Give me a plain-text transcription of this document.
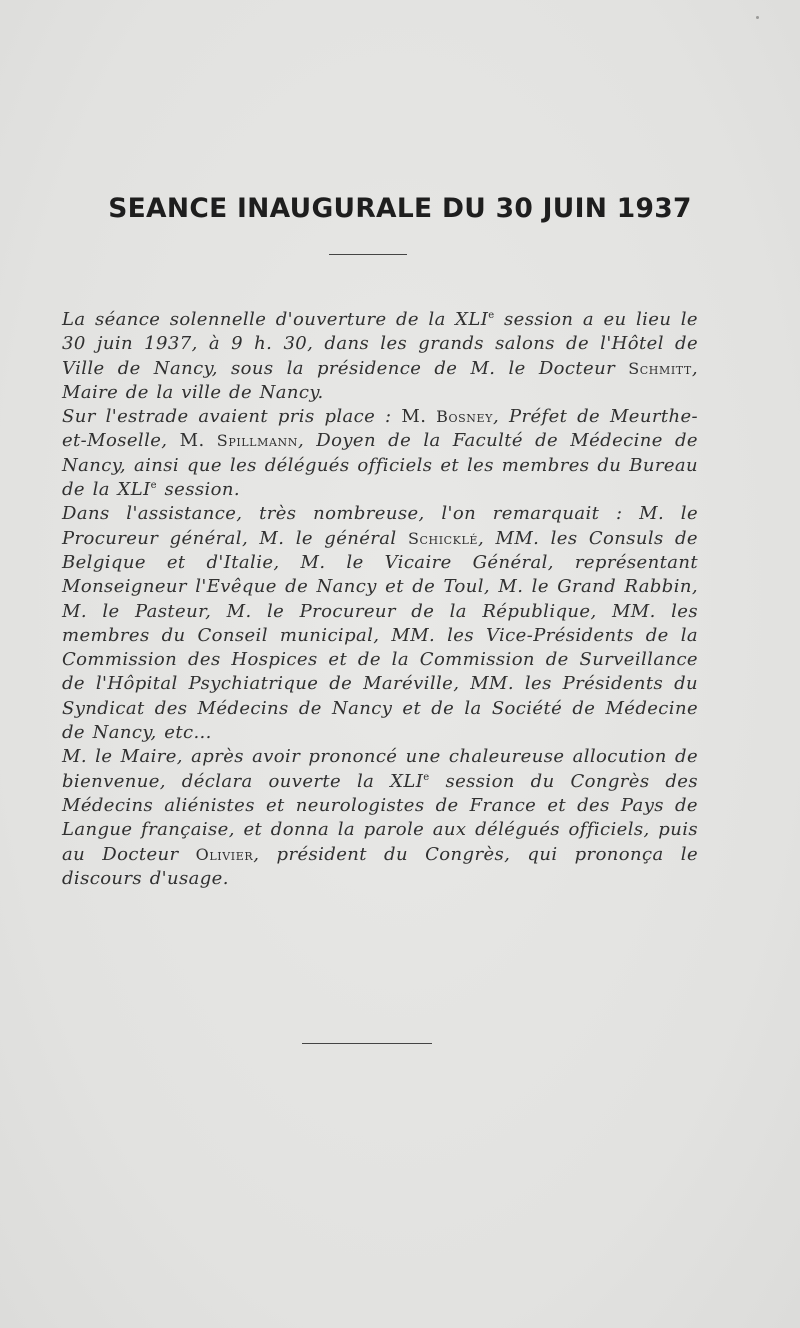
SEANCE INAUGURALE DU 30 JUIN 1937

La séance solennelle d'ouverture de la XLIe session a eu lieu le 30 juin 1937, à 9 h. 30, dans les grands salons de l'Hôtel de Ville de Nancy, sous la présidence de M. le Docteur Schmitt, Maire de la ville de Nancy.

Sur l'estrade avaient pris place : M. Bosney, Préfet de Meurthe-et-Moselle, M. Spillmann, Doyen de la Faculté de Médecine de Nancy, ainsi que les délégués officiels et les membres du Bureau de la XLIe session.

Dans l'assistance, très nombreuse, l'on remarquait : M. le Procureur général, M. le général Schicklé, MM. les Consuls de Belgique et d'Italie, M. le Vicaire Général, représentant Monseigneur l'Evêque de Nancy et de Toul, M. le Grand Rabbin, M. le Pasteur, M. le Procureur de la République, MM. les membres du Conseil municipal, MM. les Vice-Présidents de la Commission des Hospices et de la Commission de Surveillance de l'Hôpital Psychiatrique de Maréville, MM. les Présidents du Syndicat des Médecins de Nancy et de la Société de Médecine de Nancy, etc...

M. le Maire, après avoir prononcé une chaleureuse allocution de bienvenue, déclara ouverte la XLIe session du Congrès des Médecins aliénistes et neurologistes de France et des Pays de Langue française, et donna la parole aux délégués officiels, puis au Docteur Olivier, président du Congrès, qui prononça le discours d'usage.
